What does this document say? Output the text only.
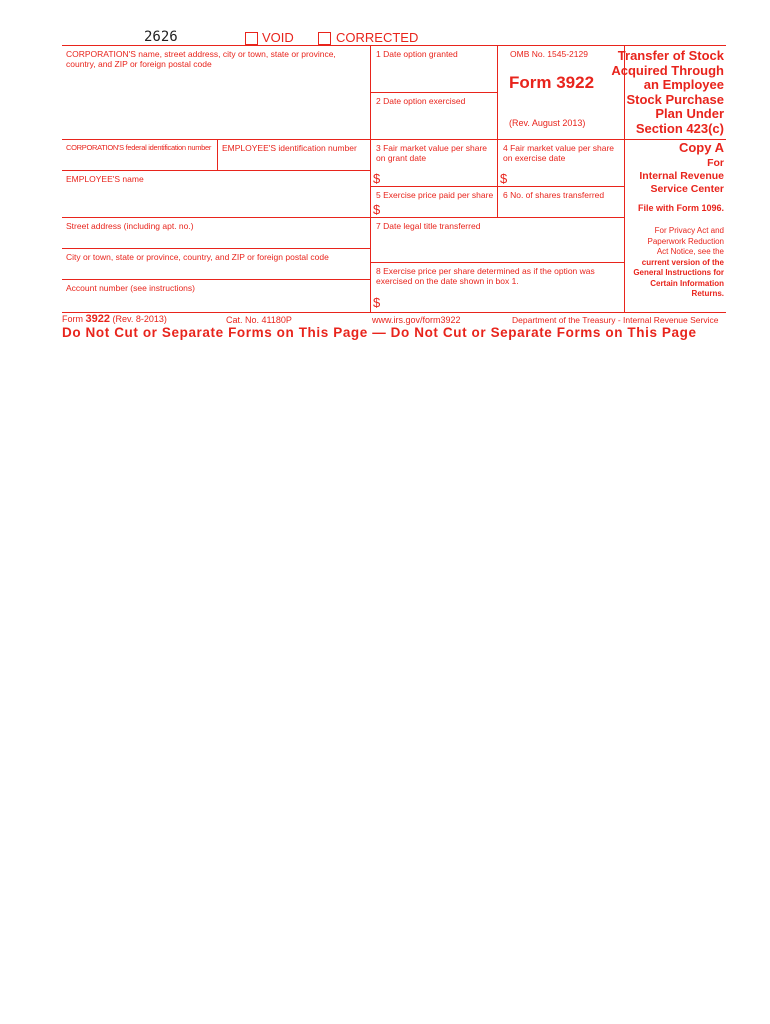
2626	VOID	CORRECTED
CORPORATION'S name, street address, city or town, state or province, country, and ZIP or foreign postal code
CORPORATION'S federal identification number	EMPLOYEE'S identification number
EMPLOYEE'S name
Street address (including apt. no.)
City or town, state or province, country, and ZIP or foreign postal code
Account number (see instructions)
1 Date option granted
2 Date option exercised
3 Fair market value per share on grant date
4 Fair market value per share on exercise date
$	$
5 Exercise price paid per share 6 No. of shares transferred
$
7 Date legal title transferred
8 Exercise price per share determined as if the option was exercised on the date shown in box 1.
$
OMB No. 1545-2129
Form 3922
(Rev. August 2013)
Transfer of Stock
Acquired Through
an Employee
Stock Purchase
Plan Under
Section 423(c)
Copy A
For
Internal Revenue
Service Center
File with Form 1096.
For Privacy Act and
Paperwork Reduction
Act Notice, see the
current version of the
General Instructions for
Certain Information
Returns.
Form 3922 (Rev. 8-2013)	Cat. No. 41180P	www.irs.gov/form3922	Department of the Treasury - Internal Revenue Service
Do Not Cut or Separate Forms on This Page — Do Not Cut or Separate Forms on This Page
